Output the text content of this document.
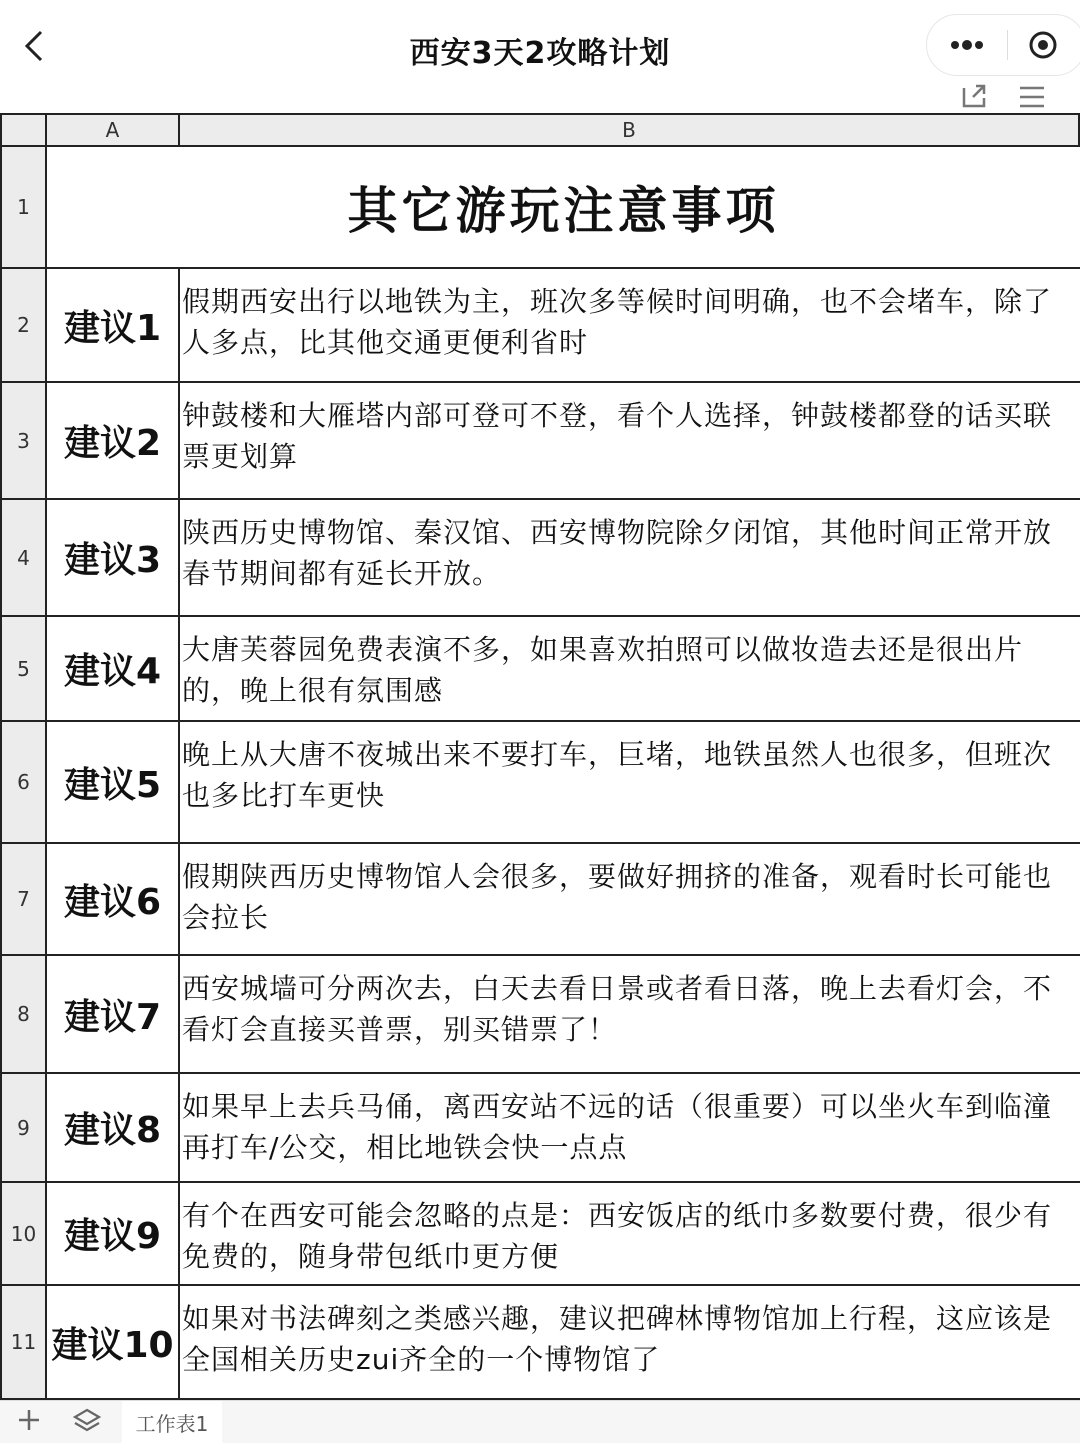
西安3天2攻略计划
A	B
1	其它游玩注意事项
2 建议1
假期西安出行以地铁为主，班次多等候时间明确，也不会堵车，除了人多点，比其他交通更便利省时
3 建议2
钟鼓楼和大雁塔内部可登可不登，看个人选择，钟鼓楼都登的话买联票更划算
4 建议3
陕西历史博物馆、秦汉馆、西安博物院除夕闭馆，其他时间正常开放春节期间都有延长开放。
5 建议4
大唐芙蓉园免费表演不多，如果喜欢拍照可以做妆造去还是很出片的，晚上很有氛围感
6 建议5
晚上从大唐不夜城出来不要打车，巨堵，地铁虽然人也很多，但班次也多比打车更快
7 建议6
假期陕西历史博物馆人会很多，要做好拥挤的准备，观看时长可能也会拉长
8 建议7
西安城墙可分两次去，白天去看日景或者看日落，晚上去看灯会，不看灯会直接买普票，别买错票了！
9 建议8
如果早上去兵马俑，离西安站不远的话（很重要）可以坐火车到临潼再打车/公交，相比地铁会快一点点
10 建议9
有个在西安可能会忽略的点是：西安饭店的纸巾多数要付费，很少有免费的，随身带包纸巾更方便
11 建议10
如果对书法碑刻之类感兴趣，建议把碑林博物馆加上行程，这应该是全国相关历史zui齐全的一个博物馆了
工作表1
